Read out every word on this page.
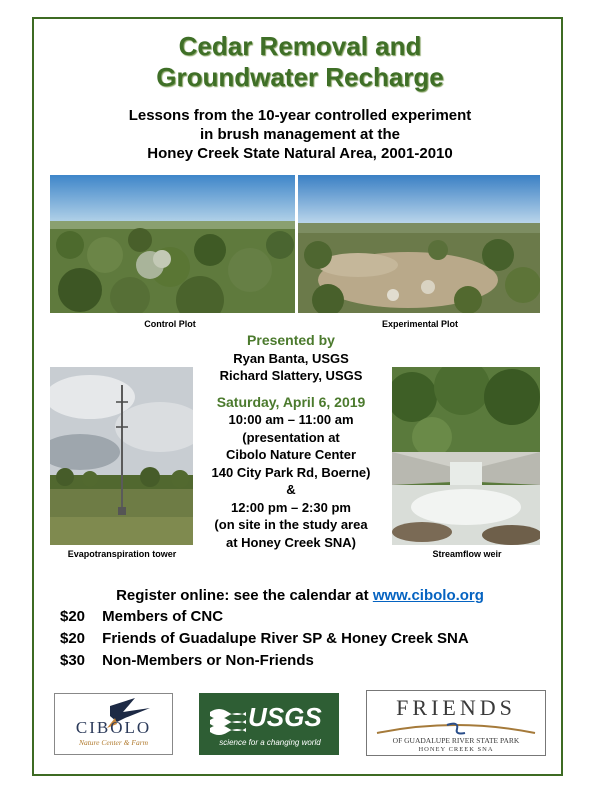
Cedar Removal and
Groundwater Recharge
Lessons from the 10-year controlled experiment
in brush management at the
Honey Creek State Natural Area, 2001-2010
Control Plot	Experimental Plot
Evapotranspiration tower	Streamflow weir
Presented by
Ryan Banta, USGS
Richard Slattery, USGS
Saturday, April 6, 2019
10:00 am – 11:00 am
(presentation at
Cibolo Nature Center
140 City Park Rd, Boerne)
&
12:00 pm – 2:30 pm
(on site in the study area
at Honey Creek SNA)
Register online: see the calendar at www.cibolo.org
$20 Members of CNC
$20 Friends of Guadalupe River SP & Honey Creek SNA
$30 Non-Members or Non-Friends
CIBOLO
Nature Center & Farm
USGS
science for a changing world
FRIENDS
OF GUADALUPE RIVER STATE PARK
HONEY CREEK SNA
